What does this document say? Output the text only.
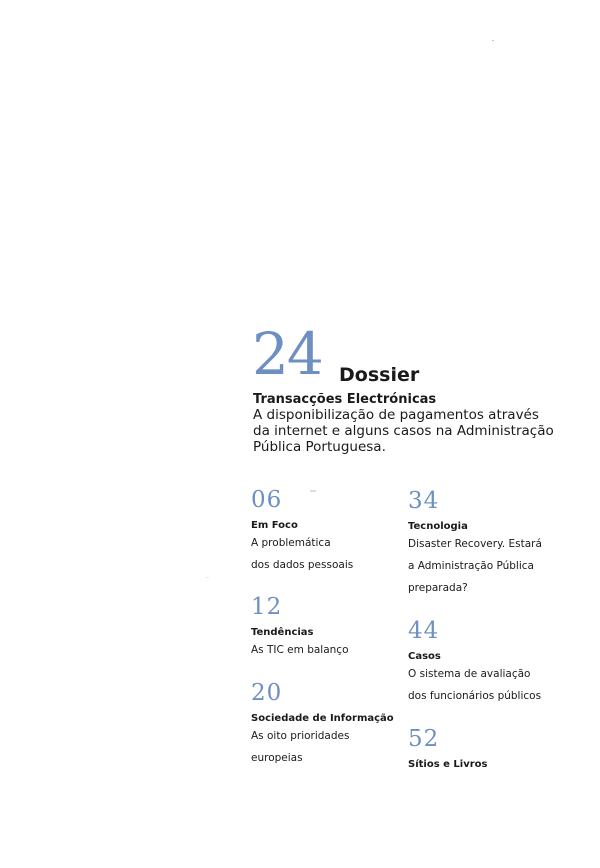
24 Dossier
Transacções Electrónicas

A disponibilização de pagamentos através
da internet e alguns casos na Administração
Pública Portuguesa.

06
Em Foco
A problemática
dos dados pessoais
12
Tendências
As TIC em balanço
20
Sociedade de Informação
As oito prioridades
europeias
34
Tecnologia
Disaster Recovery. Estará
a Administração Pública
preparada?
44
Casos
O sistema de avaliação
dos funcionários públicos
52
Sítios e Livros
